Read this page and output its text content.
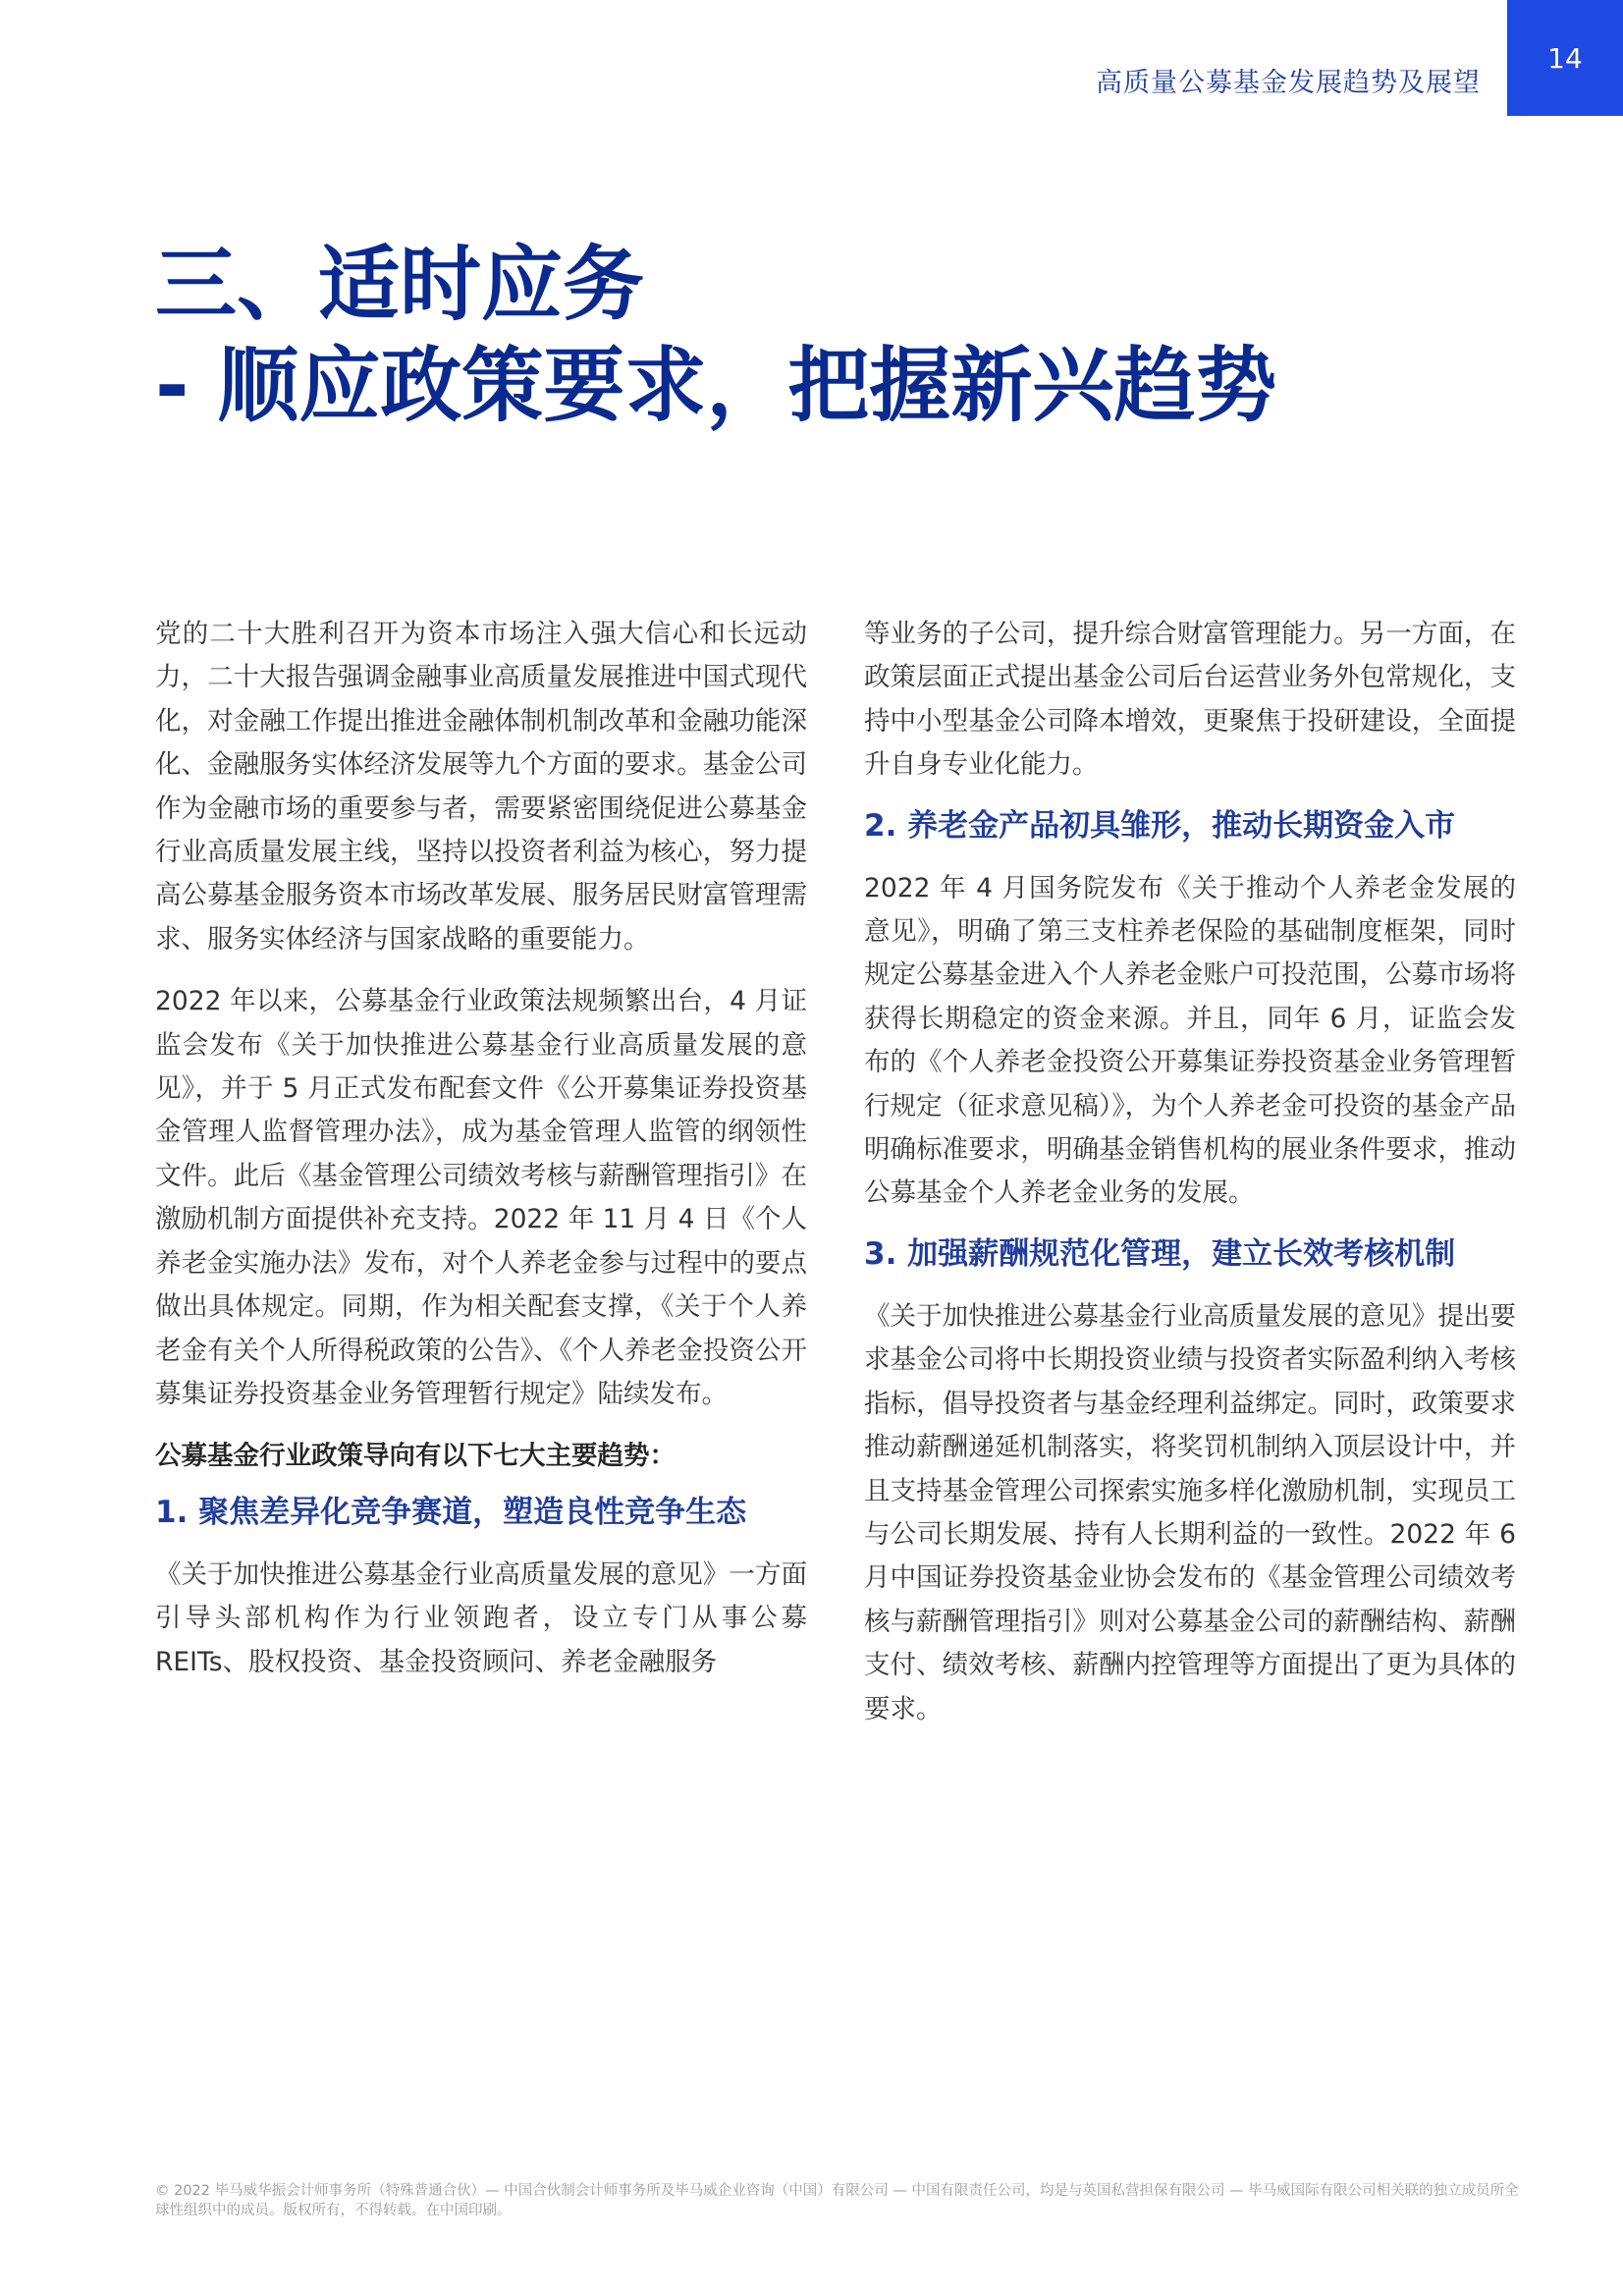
高质量公募基金发展趋势及展望
14
三、适时应务
- 顺应政策要求，把握新兴趋势

党的二十大胜利召开为资本市场注入强大信心和长远动力，二十大报告强调金融事业高质量发展推进中国式现代化，对金融工作提出推进金融体制机制改革和金融功能深化、金融服务实体经济发展等九个方面的要求。基金公司作为金融市场的重要参与者，需要紧密围绕促进公募基金行业高质量发展主线，坚持以投资者利益为核心，努力提高公募基金服务资本市场改革发展、服务居民财富管理需求、服务实体经济与国家战略的重要能力。

2022 年以来，公募基金行业政策法规频繁出台，4 月证监会发布《关于加快推进公募基金行业高质量发展的意见》，并于 5 月正式发布配套文件《公开募集证券投资基金管理人监督管理办法》，成为基金管理人监管的纲领性文件。此后《基金管理公司绩效考核与薪酬管理指引》在激励机制方面提供补充支持。2022 年 11 月 4 日《个人养老金实施办法》发布，对个人养老金参与过程中的要点做出具体规定。同期，作为相关配套支撑，《关于个人养老金有关个人所得税政策的公告》、《个人养老金投资公开募集证券投资基金业务管理暂行规定》陆续发布。

公募基金行业政策导向有以下七大主要趋势：

1. 聚焦差异化竞争赛道，塑造良性竞争生态

《关于加快推进公募基金行业高质量发展的意见》一方面引导头部机构作为行业领跑者，设立专门从事公募 REITs、股权投资、基金投资顾问、养老金融服务

等业务的子公司，提升综合财富管理能力。另一方面，在政策层面正式提出基金公司后台运营业务外包常规化，支持中小型基金公司降本增效，更聚焦于投研建设，全面提升自身专业化能力。

2. 养老金产品初具雏形，推动长期资金入市

2022 年 4 月国务院发布《关于推动个人养老金发展的意见》，明确了第三支柱养老保险的基础制度框架，同时规定公募基金进入个人养老金账户可投范围，公募市场将获得长期稳定的资金来源。并且，同年 6 月，证监会发布的《个人养老金投资公开募集证券投资基金业务管理暂行规定（征求意见稿）》，为个人养老金可投资的基金产品明确标准要求，明确基金销售机构的展业条件要求，推动公募基金个人养老金业务的发展。

3. 加强薪酬规范化管理，建立长效考核机制

《关于加快推进公募基金行业高质量发展的意见》提出要求基金公司将中长期投资业绩与投资者实际盈利纳入考核指标，倡导投资者与基金经理利益绑定。同时，政策要求推动薪酬递延机制落实，将奖罚机制纳入顶层设计中，并且支持基金管理公司探索实施多样化激励机制，实现员工与公司长期发展、持有人长期利益的一致性。2022 年 6 月中国证券投资基金业协会发布的《基金管理公司绩效考核与薪酬管理指引》则对公募基金公司的薪酬结构、薪酬支付、绩效考核、薪酬内控管理等方面提出了更为具体的要求。

© 2022 毕马威华振会计师事务所（特殊普通合伙）— 中国合伙制会计师事务所及毕马威企业咨询（中国）有限公司 — 中国有限责任公司，均是与英国私营担保有限公司 — 毕马威国际有限公司相关联的独立成员所全球性组织中的成员。版权所有，不得转载。在中国印刷。
